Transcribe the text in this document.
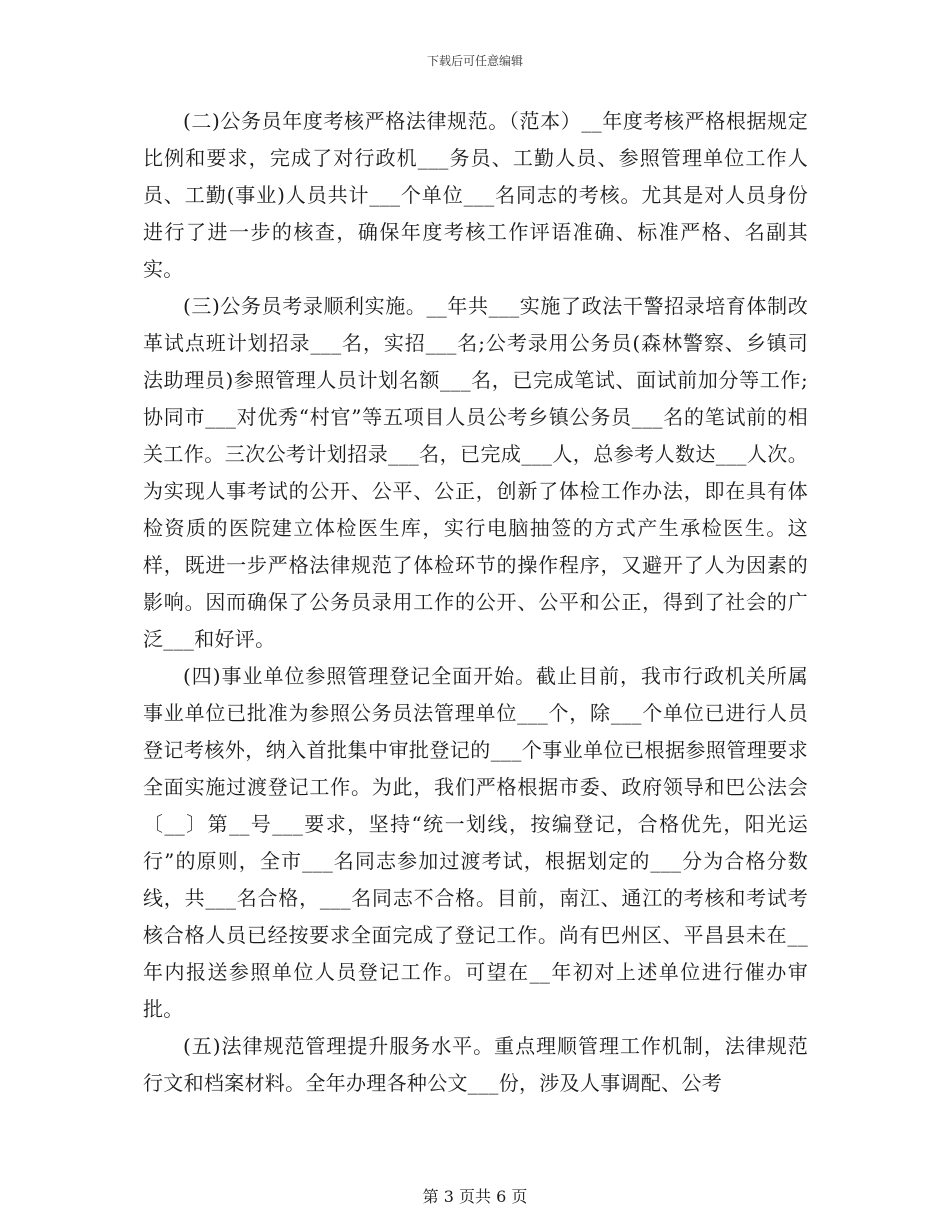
下载后可任意编辑

(二)公务员年度考核严格法律规范。（范本）__年度考核严格根据规定比例和要求，完成了对行政机___务员、工勤人员、参照管理单位工作人员、工勤(事业)人员共计___个单位___名同志的考核。尤其是对人员身份进行了进一步的核查，确保年度考核工作评语准确、标准严格、名副其实。

(三)公务员考录顺利实施。__年共___实施了政法干警招录培育体制改革试点班计划招录___名，实招___名;公考录用公务员(森林警察、乡镇司法助理员)参照管理人员计划名额___名，已完成笔试、面试前加分等工作;协同市___对优秀“村官”等五项目人员公考乡镇公务员___名的笔试前的相关工作。三次公考计划招录___名，已完成___人，总参考人数达___人次。为实现人事考试的公开、公平、公正，创新了体检工作办法，即在具有体检资质的医院建立体检医生库，实行电脑抽签的方式产生承检医生。这样，既进一步严格法律规范了体检环节的操作程序，又避开了人为因素的影响。因而确保了公务员录用工作的公开、公平和公正，得到了社会的广泛___和好评。

(四)事业单位参照管理登记全面开始。截止目前，我市行政机关所属事业单位已批准为参照公务员法管理单位___个，除___个单位已进行人员登记考核外，纳入首批集中审批登记的___个事业单位已根据参照管理要求全面实施过渡登记工作。为此，我们严格根据市委、政府领导和巴公法会〔__〕第__号___要求，坚持“统一划线，按编登记，合格优先，阳光运行”的原则，全市___名同志参加过渡考试，根据划定的___分为合格分数线，共___名合格，___名同志不合格。目前，南江、通江的考核和考试考核合格人员已经按要求全面完成了登记工作。尚有巴州区、平昌县未在__年内报送参照单位人员登记工作。可望在__年初对上述单位进行催办审批。

(五)法律规范管理提升服务水平。重点理顺管理工作机制，法律规范行文和档案材料。全年办理各种公文___份，涉及人事调配、公考

第 3 页共 6 页
